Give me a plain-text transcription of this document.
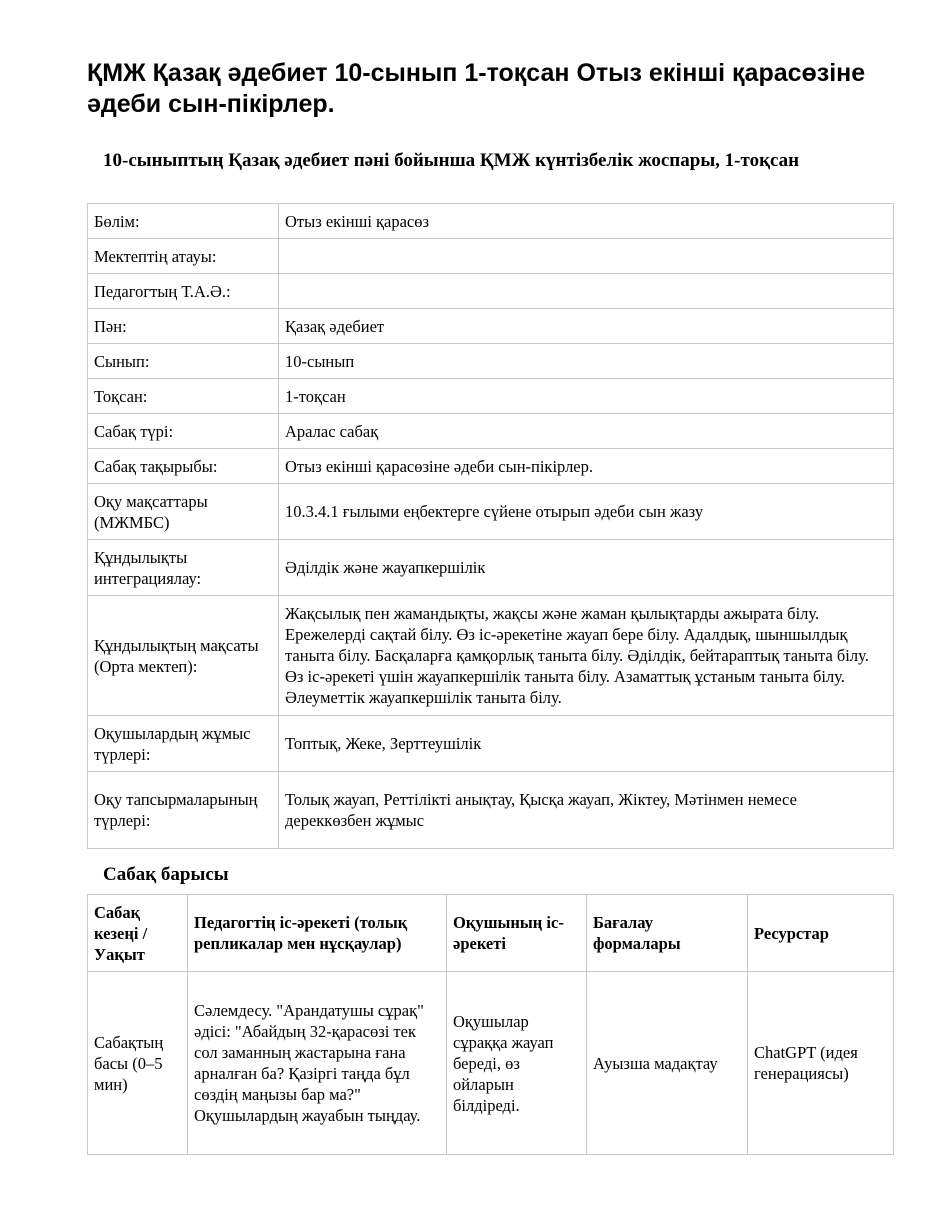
ҚМЖ Қазақ әдебиет 10-сынып 1-тоқсан Отыз екінші қарасөзіне әдеби сын-пікірлер.
10-сыныптың Қазақ әдебиет пәні бойынша ҚМЖ күнтізбелік жоспары, 1-тоқсан
Бөлім:	Отыз екінші қарасөз
Мектептің атауы:	
Педагогтың Т.А.Ә.:	
Пән:	Қазақ әдебиет
Сынып:	10-сынып
Тоқсан:	1-тоқсан
Сабақ түрі:	Аралас сабақ
Сабақ тақырыбы:	Отыз екінші қарасөзіне әдеби сын-пікірлер.
Оқу мақсаттары (МЖМБС)	10.3.4.1 ғылыми еңбектерге сүйене отырып әдеби сын жазу
Құндылықты интеграциялау:	Әділдік және жауапкершілік
Құндылықтың мақсаты (Орта мектеп):	Жақсылық пен жамандықты, жақсы және жаман қылықтарды ажырата білу. Ережелерді сақтай білу. Өз іс-әрекетіне жауап бере білу. Адалдық, шыншылдық таныта білу. Басқаларға қамқорлық таныта білу. Әділдік, бейтараптық таныта білу. Өз іс-әрекеті үшін жауапкершілік таныта білу. Азаматтық ұстаным таныта білу. Әлеуметтік жауапкершілік таныта білу.
Оқушылардың жұмыс түрлері:	Топтық, Жеке, Зерттеушілік
Оқу тапсырмаларының түрлері:	Толық жауап, Реттілікті анықтау, Қысқа жауап, Жіктеу, Мәтінмен немесе дереккөзбен жұмыс
Сабақ барысы
Сабақ кезеңі / Уақыт	Педагогтің іс-әрекеті (толық репликалар мен нұсқаулар)	Оқушының іс-әрекеті	Бағалау формалары	Ресурстар
Сабақтың басы (0–5 мин)	Сәлемдесу. "Арандатушы сұрақ" әдісі: "Абайдың 32-қарасөзі тек сол заманның жастарына ғана арналған ба? Қазіргі таңда бұл сөздің маңызы бар ма?" Оқушылардың жауабын тыңдау.	Оқушылар сұраққа жауап береді, өз ойларын білдіреді.	Ауызша мадақтау	ChatGPT (идея генерациясы)
